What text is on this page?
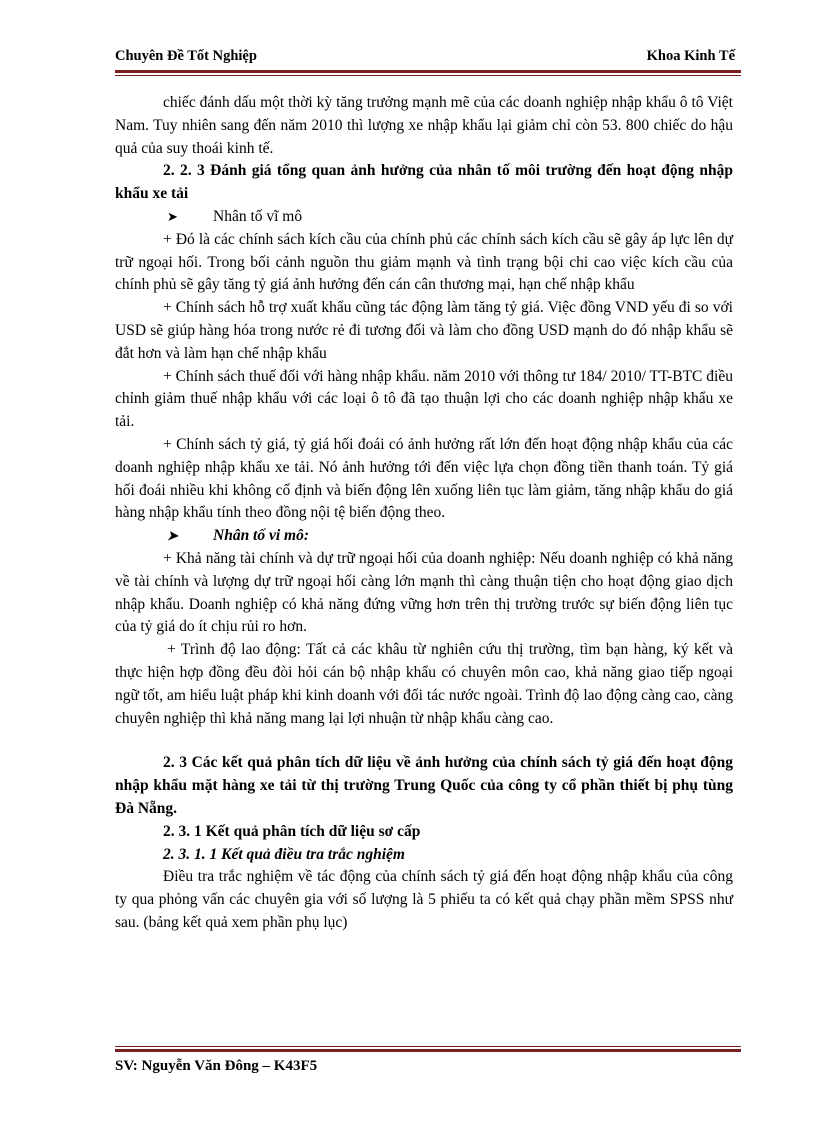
Chuyên Đề Tốt Nghiệp	Khoa Kinh Tế

chiếc đánh dấu một thời kỳ tăng trưởng mạnh mẽ của các doanh nghiệp nhập khẩu ô tô Việt Nam. Tuy nhiên sang đến năm 2010 thì lượng xe nhập khẩu lại giảm chỉ còn 53. 800 chiếc do hậu quả của suy thoái kinh tế.

2. 2. 3 Đánh giá tổng quan ảnh hưởng của nhân tố môi trường đến hoạt động nhập khẩu xe tải

➤ Nhân tố vĩ mô

+ Đó là các chính sách kích cầu của chính phủ các chính sách kích cầu sẽ gây áp lực lên dự trữ ngoại hối. Trong bối cảnh nguồn thu giảm mạnh và tình trạng bội chi cao việc kích cầu của chính phủ sẽ gây tăng tỷ giá ảnh hưởng đến cán cân thương mại, hạn chế nhập khẩu

+ Chính sách hỗ trợ xuất khẩu cũng tác động làm tăng tỷ giá. Việc đồng VND yếu đi so với USD sẽ giúp hàng hóa trong nước rẻ đi tương đối và làm cho đồng USD mạnh do đó nhập khẩu sẽ đắt hơn và làm hạn chế nhập khẩu

+ Chính sách thuế đối với hàng nhập khẩu. năm 2010 với thông tư 184/ 2010/ TT-BTC điều chỉnh giảm thuế nhập khẩu với các loại ô tô đã tạo thuận lợi cho các doanh nghiệp nhập khẩu xe tải.

+ Chính sách tỷ giá, tỷ giá hối đoái có ảnh hưởng rất lớn đến hoạt động nhập khẩu của các doanh nghiệp nhập khẩu xe tải. Nó ảnh hưởng tới đến việc lựa chọn đồng tiền thanh toán. Tỷ giá hối đoái nhiều khi không cố định và biến động lên xuống liên tục làm giảm, tăng nhập khẩu do giá hàng nhập khẩu tính theo đồng nội tệ biến động theo.

➤ Nhân tố vi mô:

+ Khả năng tài chính và dự trữ ngoại hối của doanh nghiệp: Nếu doanh nghiệp có khả năng về tài chính và lượng dự trữ ngoại hối càng lớn mạnh thì càng thuận tiện cho hoạt động giao dịch nhập khẩu. Doanh nghiệp có khả năng đứng vững hơn trên thị trường trước sự biến động liên tục của tỷ giá do ít chịu rủi ro hơn.

+ Trình độ lao động: Tất cả các khâu từ nghiên cứu thị trường, tìm bạn hàng, ký kết và thực hiện hợp đồng đều đòi hỏi cán bộ nhập khẩu có chuyên môn cao, khả năng giao tiếp ngoại ngữ tốt, am hiểu luật pháp khi kinh doanh với đối tác nước ngoài. Trình độ lao động càng cao, càng chuyên nghiệp thì khả năng mang lại lợi nhuận từ nhập khẩu càng cao.

2. 3 Các kết quả phân tích dữ liệu về ảnh hưởng của chính sách tỷ giá đến hoạt động nhập khẩu mặt hàng xe tải từ thị trường Trung Quốc của công ty cổ phần thiết bị phụ tùng Đà Nẵng.

2. 3. 1 Kết quả phân tích dữ liệu sơ cấp

2. 3. 1. 1 Kết quả điều tra trắc nghiệm

Điều tra trắc nghiệm về tác động của chính sách tỷ giá đến hoạt động nhập khẩu của công ty qua phỏng vấn các chuyên gia với số lượng là 5 phiếu ta có kết quả chạy phần mềm SPSS như sau. (bảng kết quả xem phần phụ lục)

SV: Nguyễn Văn Đông – K43F5
